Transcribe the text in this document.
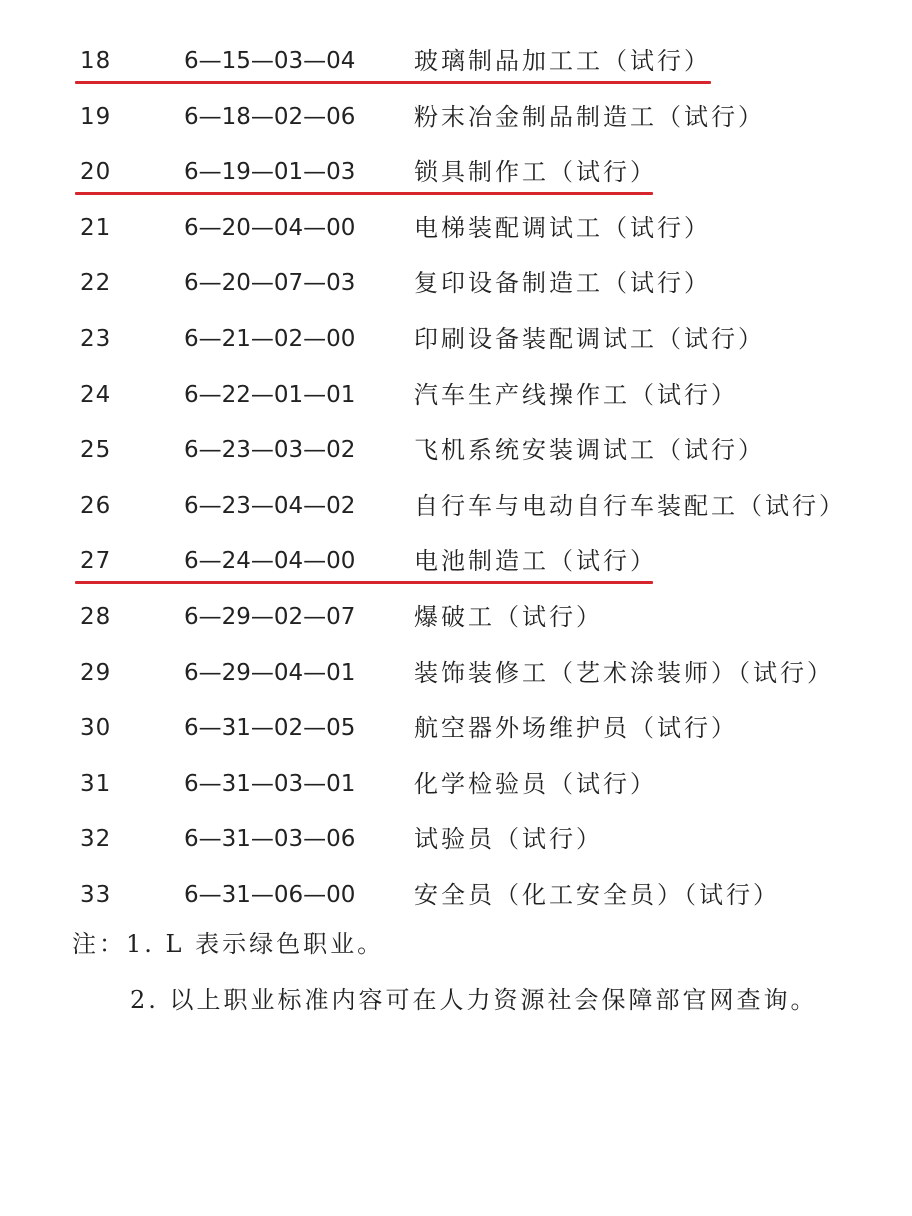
18	6—15—03—04 玻璃制品加工工（试行）
19	6—18—02—06 粉末冶金制品制造工（试行）
20	6—19—01—03 锁具制作工（试行）
21	6—20—04—00 电梯装配调试工（试行）
22	6—20—07—03 复印设备制造工（试行）
23	6—21—02—00 印刷设备装配调试工（试行）
24	6—22—01—01 汽车生产线操作工（试行）
25	6—23—03—02 飞机系统安装调试工（试行）
26	6—23—04—02 自行车与电动自行车装配工（试行）
27	6—24—04—00 电池制造工（试行）
28	6—29—02—07 爆破工（试行）
29	6—29—04—01 装饰装修工（艺术涂装师）（试行）
30	6—31—02—05 航空器外场维护员（试行）
31	6—31—03—01 化学检验员（试行）
32	6—31—03—06 试验员（试行）
33	6—31—06—00 安全员（化工安全员）（试行）
注：1. L 表示绿色职业。
2. 以上职业标准内容可在人力资源社会保障部官网查询。
